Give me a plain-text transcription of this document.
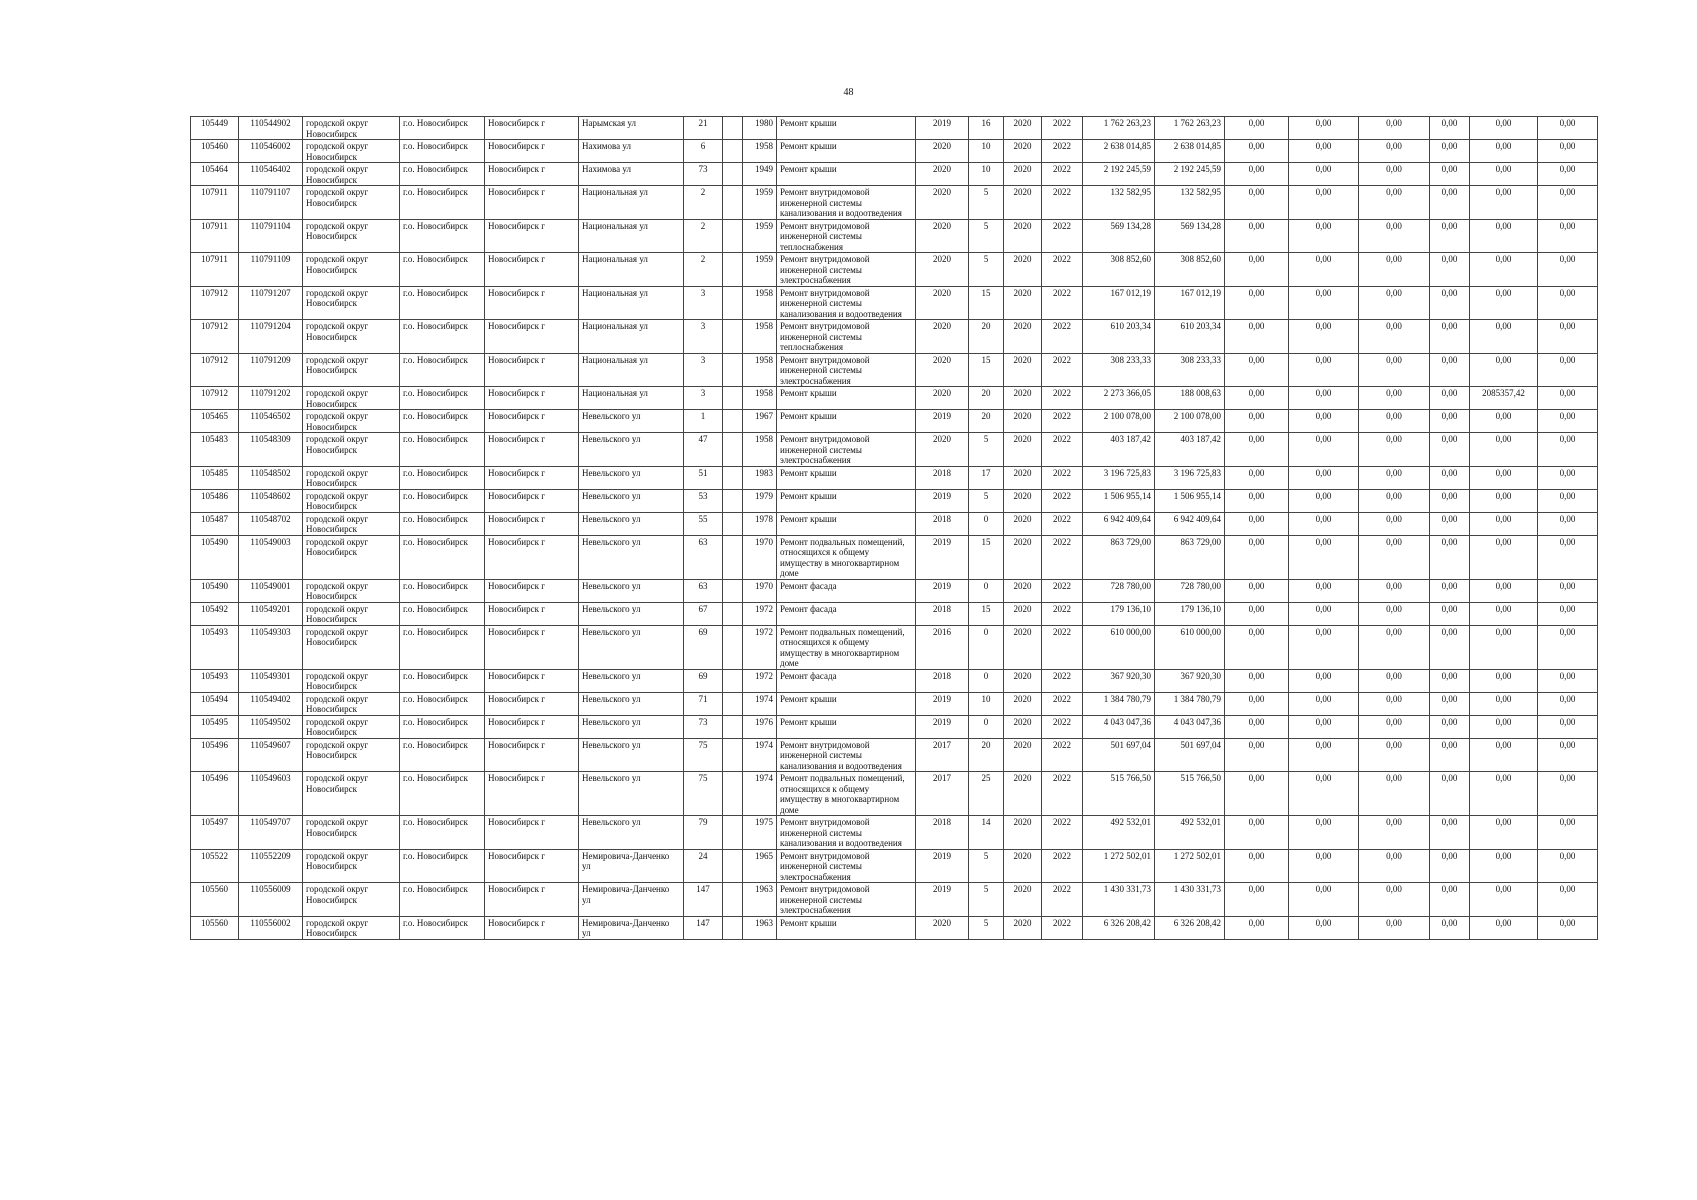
48
105449	110544902	городской округ Новосибирск	г.о. Новосибирск	Новосибирск г	Нарымская ул	21		1980	Ремонт крыши	2019	16	2020	2022	1 762 263,23	1 762 263,23	0,00	0,00	0,00	0,00	0,00	0,00
105460	110546002	городской округ Новосибирск	г.о. Новосибирск	Новосибирск г	Нахимова ул	6		1958	Ремонт крыши	2020	10	2020	2022	2 638 014,85	2 638 014,85	0,00	0,00	0,00	0,00	0,00	0,00
105464	110546402	городской округ Новосибирск	г.о. Новосибирск	Новосибирск г	Нахимова ул	73		1949	Ремонт крыши	2020	10	2020	2022	2 192 245,59	2 192 245,59	0,00	0,00	0,00	0,00	0,00	0,00
107911	110791107	городской округ Новосибирск	г.о. Новосибирск	Новосибирск г	Национальная ул	2		1959	Ремонт внутридомовой инженерной системы канализования и водоотведения	2020	5	2020	2022	132 582,95	132 582,95	0,00	0,00	0,00	0,00	0,00	0,00
107911	110791104	городской округ Новосибирск	г.о. Новосибирск	Новосибирск г	Национальная ул	2		1959	Ремонт внутридомовой инженерной системы теплоснабжения	2020	5	2020	2022	569 134,28	569 134,28	0,00	0,00	0,00	0,00	0,00	0,00
107911	110791109	городской округ Новосибирск	г.о. Новосибирск	Новосибирск г	Национальная ул	2		1959	Ремонт внутридомовой инженерной системы электроснабжения	2020	5	2020	2022	308 852,60	308 852,60	0,00	0,00	0,00	0,00	0,00	0,00
107912	110791207	городской округ Новосибирск	г.о. Новосибирск	Новосибирск г	Национальная ул	3		1958	Ремонт внутридомовой инженерной системы канализования и водоотведения	2020	15	2020	2022	167 012,19	167 012,19	0,00	0,00	0,00	0,00	0,00	0,00
107912	110791204	городской округ Новосибирск	г.о. Новосибирск	Новосибирск г	Национальная ул	3		1958	Ремонт внутридомовой инженерной системы теплоснабжения	2020	20	2020	2022	610 203,34	610 203,34	0,00	0,00	0,00	0,00	0,00	0,00
107912	110791209	городской округ Новосибирск	г.о. Новосибирск	Новосибирск г	Национальная ул	3		1958	Ремонт внутридомовой инженерной системы электроснабжения	2020	15	2020	2022	308 233,33	308 233,33	0,00	0,00	0,00	0,00	0,00	0,00
107912	110791202	городской округ Новосибирск	г.о. Новосибирск	Новосибирск г	Национальная ул	3		1958	Ремонт крыши	2020	20	2020	2022	2 273 366,05	188 008,63	0,00	0,00	0,00	0,00	2085357,42	0,00
105465	110546502	городской округ Новосибирск	г.о. Новосибирск	Новосибирск г	Невельского ул	1		1967	Ремонт крыши	2019	20	2020	2022	2 100 078,00	2 100 078,00	0,00	0,00	0,00	0,00	0,00	0,00
105483	110548309	городской округ Новосибирск	г.о. Новосибирск	Новосибирск г	Невельского ул	47		1958	Ремонт внутридомовой инженерной системы электроснабжения	2020	5	2020	2022	403 187,42	403 187,42	0,00	0,00	0,00	0,00	0,00	0,00
105485	110548502	городской округ Новосибирск	г.о. Новосибирск	Новосибирск г	Невельского ул	51		1983	Ремонт крыши	2018	17	2020	2022	3 196 725,83	3 196 725,83	0,00	0,00	0,00	0,00	0,00	0,00
105486	110548602	городской округ Новосибирск	г.о. Новосибирск	Новосибирск г	Невельского ул	53		1979	Ремонт крыши	2019	5	2020	2022	1 506 955,14	1 506 955,14	0,00	0,00	0,00	0,00	0,00	0,00
105487	110548702	городской округ Новосибирск	г.о. Новосибирск	Новосибирск г	Невельского ул	55		1978	Ремонт крыши	2018	0	2020	2022	6 942 409,64	6 942 409,64	0,00	0,00	0,00	0,00	0,00	0,00
105490	110549003	городской округ Новосибирск	г.о. Новосибирск	Новосибирск г	Невельского ул	63		1970	Ремонт подвальных помещений, относящихся к общему имуществу в многоквартирном доме	2019	15	2020	2022	863 729,00	863 729,00	0,00	0,00	0,00	0,00	0,00	0,00
105490	110549001	городской округ Новосибирск	г.о. Новосибирск	Новосибирск г	Невельского ул	63		1970	Ремонт фасада	2019	0	2020	2022	728 780,00	728 780,00	0,00	0,00	0,00	0,00	0,00	0,00
105492	110549201	городской округ Новосибирск	г.о. Новосибирск	Новосибирск г	Невельского ул	67		1972	Ремонт фасада	2018	15	2020	2022	179 136,10	179 136,10	0,00	0,00	0,00	0,00	0,00	0,00
105493	110549303	городской округ Новосибирск	г.о. Новосибирск	Новосибирск г	Невельского ул	69		1972	Ремонт подвальных помещений, относящихся к общему имуществу в многоквартирном доме	2016	0	2020	2022	610 000,00	610 000,00	0,00	0,00	0,00	0,00	0,00	0,00
105493	110549301	городской округ Новосибирск	г.о. Новосибирск	Новосибирск г	Невельского ул	69		1972	Ремонт фасада	2018	0	2020	2022	367 920,30	367 920,30	0,00	0,00	0,00	0,00	0,00	0,00
105494	110549402	городской округ Новосибирск	г.о. Новосибирск	Новосибирск г	Невельского ул	71		1974	Ремонт крыши	2019	10	2020	2022	1 384 780,79	1 384 780,79	0,00	0,00	0,00	0,00	0,00	0,00
105495	110549502	городской округ Новосибирск	г.о. Новосибирск	Новосибирск г	Невельского ул	73		1976	Ремонт крыши	2019	0	2020	2022	4 043 047,36	4 043 047,36	0,00	0,00	0,00	0,00	0,00	0,00
105496	110549607	городской округ Новосибирск	г.о. Новосибирск	Новосибирск г	Невельского ул	75		1974	Ремонт внутридомовой инженерной системы канализования и водоотведения	2017	20	2020	2022	501 697,04	501 697,04	0,00	0,00	0,00	0,00	0,00	0,00
105496	110549603	городской округ Новосибирск	г.о. Новосибирск	Новосибирск г	Невельского ул	75		1974	Ремонт подвальных помещений, относящихся к общему имуществу в многоквартирном доме	2017	25	2020	2022	515 766,50	515 766,50	0,00	0,00	0,00	0,00	0,00	0,00
105497	110549707	городской округ Новосибирск	г.о. Новосибирск	Новосибирск г	Невельского ул	79		1975	Ремонт внутридомовой инженерной системы канализования и водоотведения	2018	14	2020	2022	492 532,01	492 532,01	0,00	0,00	0,00	0,00	0,00	0,00
105522	110552209	городской округ Новосибирск	г.о. Новосибирск	Новосибирск г	Немировича-Данченко ул	24		1965	Ремонт внутридомовой инженерной системы электроснабжения	2019	5	2020	2022	1 272 502,01	1 272 502,01	0,00	0,00	0,00	0,00	0,00	0,00
105560	110556009	городской округ Новосибирск	г.о. Новосибирск	Новосибирск г	Немировича-Данченко ул	147		1963	Ремонт внутридомовой инженерной системы электроснабжения	2019	5	2020	2022	1 430 331,73	1 430 331,73	0,00	0,00	0,00	0,00	0,00	0,00
105560	110556002	городской округ Новосибирск	г.о. Новосибирск	Новосибирск г	Немировича-Данченко ул	147		1963	Ремонт крыши	2020	5	2020	2022	6 326 208,42	6 326 208,42	0,00	0,00	0,00	0,00	0,00	0,00
